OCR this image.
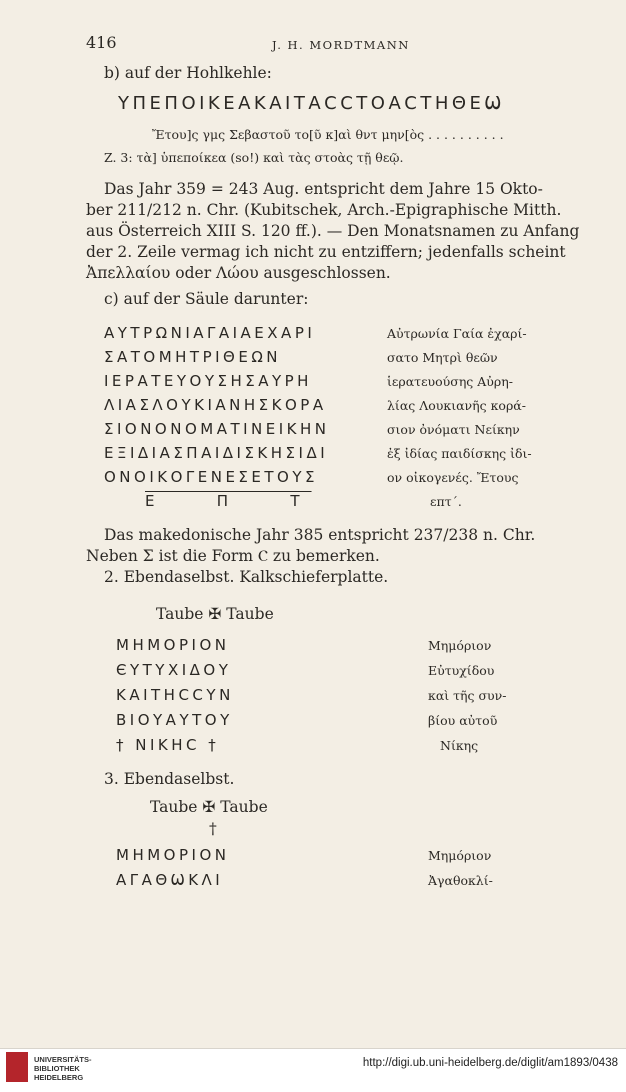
416	J. H. MORDTMANN
b) auf der Hohlkehle:
ΥΠΕΠΟΙΚΕΑΚΑΙΤΑCCΤΟΑCΤΗΘΕѠ
Ἔτου]ς γμς Σεβαστοῦ το[ῦ κ]αὶ θντ μην[ὸς . . . . . . . . . .
Z. 3: τὰ] ὑπεποίκεα (so!) καὶ τὰς στοὰς τῇ θεῷ.
Das Jahr 359 = 243 Aug. entspricht dem Jahre 15 Okto-
ber 211/212 n. Chr. (Kubitschek, Arch.-Epigraphische Mitth.
aus Österreich XIII S. 120 ff.). — Den Monatsnamen zu Anfang
der 2. Zeile vermag ich nicht zu entziffern; jedenfalls scheint
Ἀπελλαίου oder Λώου ausgeschlossen.
c) auf der Säule darunter:
ΑΥΤΡΩΝΙΑΓΑΙΑΕΧΑΡΙ
ΣΑΤΟΜΗΤΡΙΘΕΩΝ
ΙΕΡΑΤΕΥΟΥΣΗΣΑΥΡΗ
ΛΙΑΣΛΟΥΚΙΑΝΗΣΚΟΡΑ
ΣΙΟΝΟΝΟΜΑΤΙΝΕΙΚΗΝ
ΕΞΙΔΙΑΣΠΑΙΔΙΣΚΗΣΙΔΙ
ΟΝΟΙΚΟΓΕΝΕΣΕΤΟΥΣ
Ε   Π   Τ
Αὐτρωνία Γαία ἐχαρί-
σατο Μητρὶ θεῶν
ἱερατευούσης Αὐρη-
λίας Λουκιανῆς κορά-
σιον ὀνόματι Νείκην
ἐξ ἰδίας παιδίσκης ἰδι-
ον οἰκογενές. Ἔτους
επτ΄.
Das makedonische Jahr 385 entspricht 237/238 n. Chr.
Neben Σ ist die Form Ⲥ zu bemerken.
2. Ebendaselbst. Kalkschieferplatte.
Taube ✠ Taube
ΜΗΜΟΡΙΟΝ
ЄΥΤΥΧΙΔΟΥ
ΚΑΙΤΗCCΥΝ
ΒΙΟΥΑΥΤΟΥ
† ΝΙΚΗC †
Μημόριον
Εὐτυχίδου
καὶ τῆς συν-
βίου αὐτοῦ
Νίκης
3. Ebendaselbst.
Taube ✠ Taube
†
ΜΗΜΟΡΙΟΝ
ΑΓΑΘѠΚΛΙ
Μημόριον
Ἀγαθοκλί-
UNIVERSITÄTS-
BIBLIOTHEK
HEIDELBERG
http://digi.ub.uni-heidelberg.de/diglit/am1893/0438
